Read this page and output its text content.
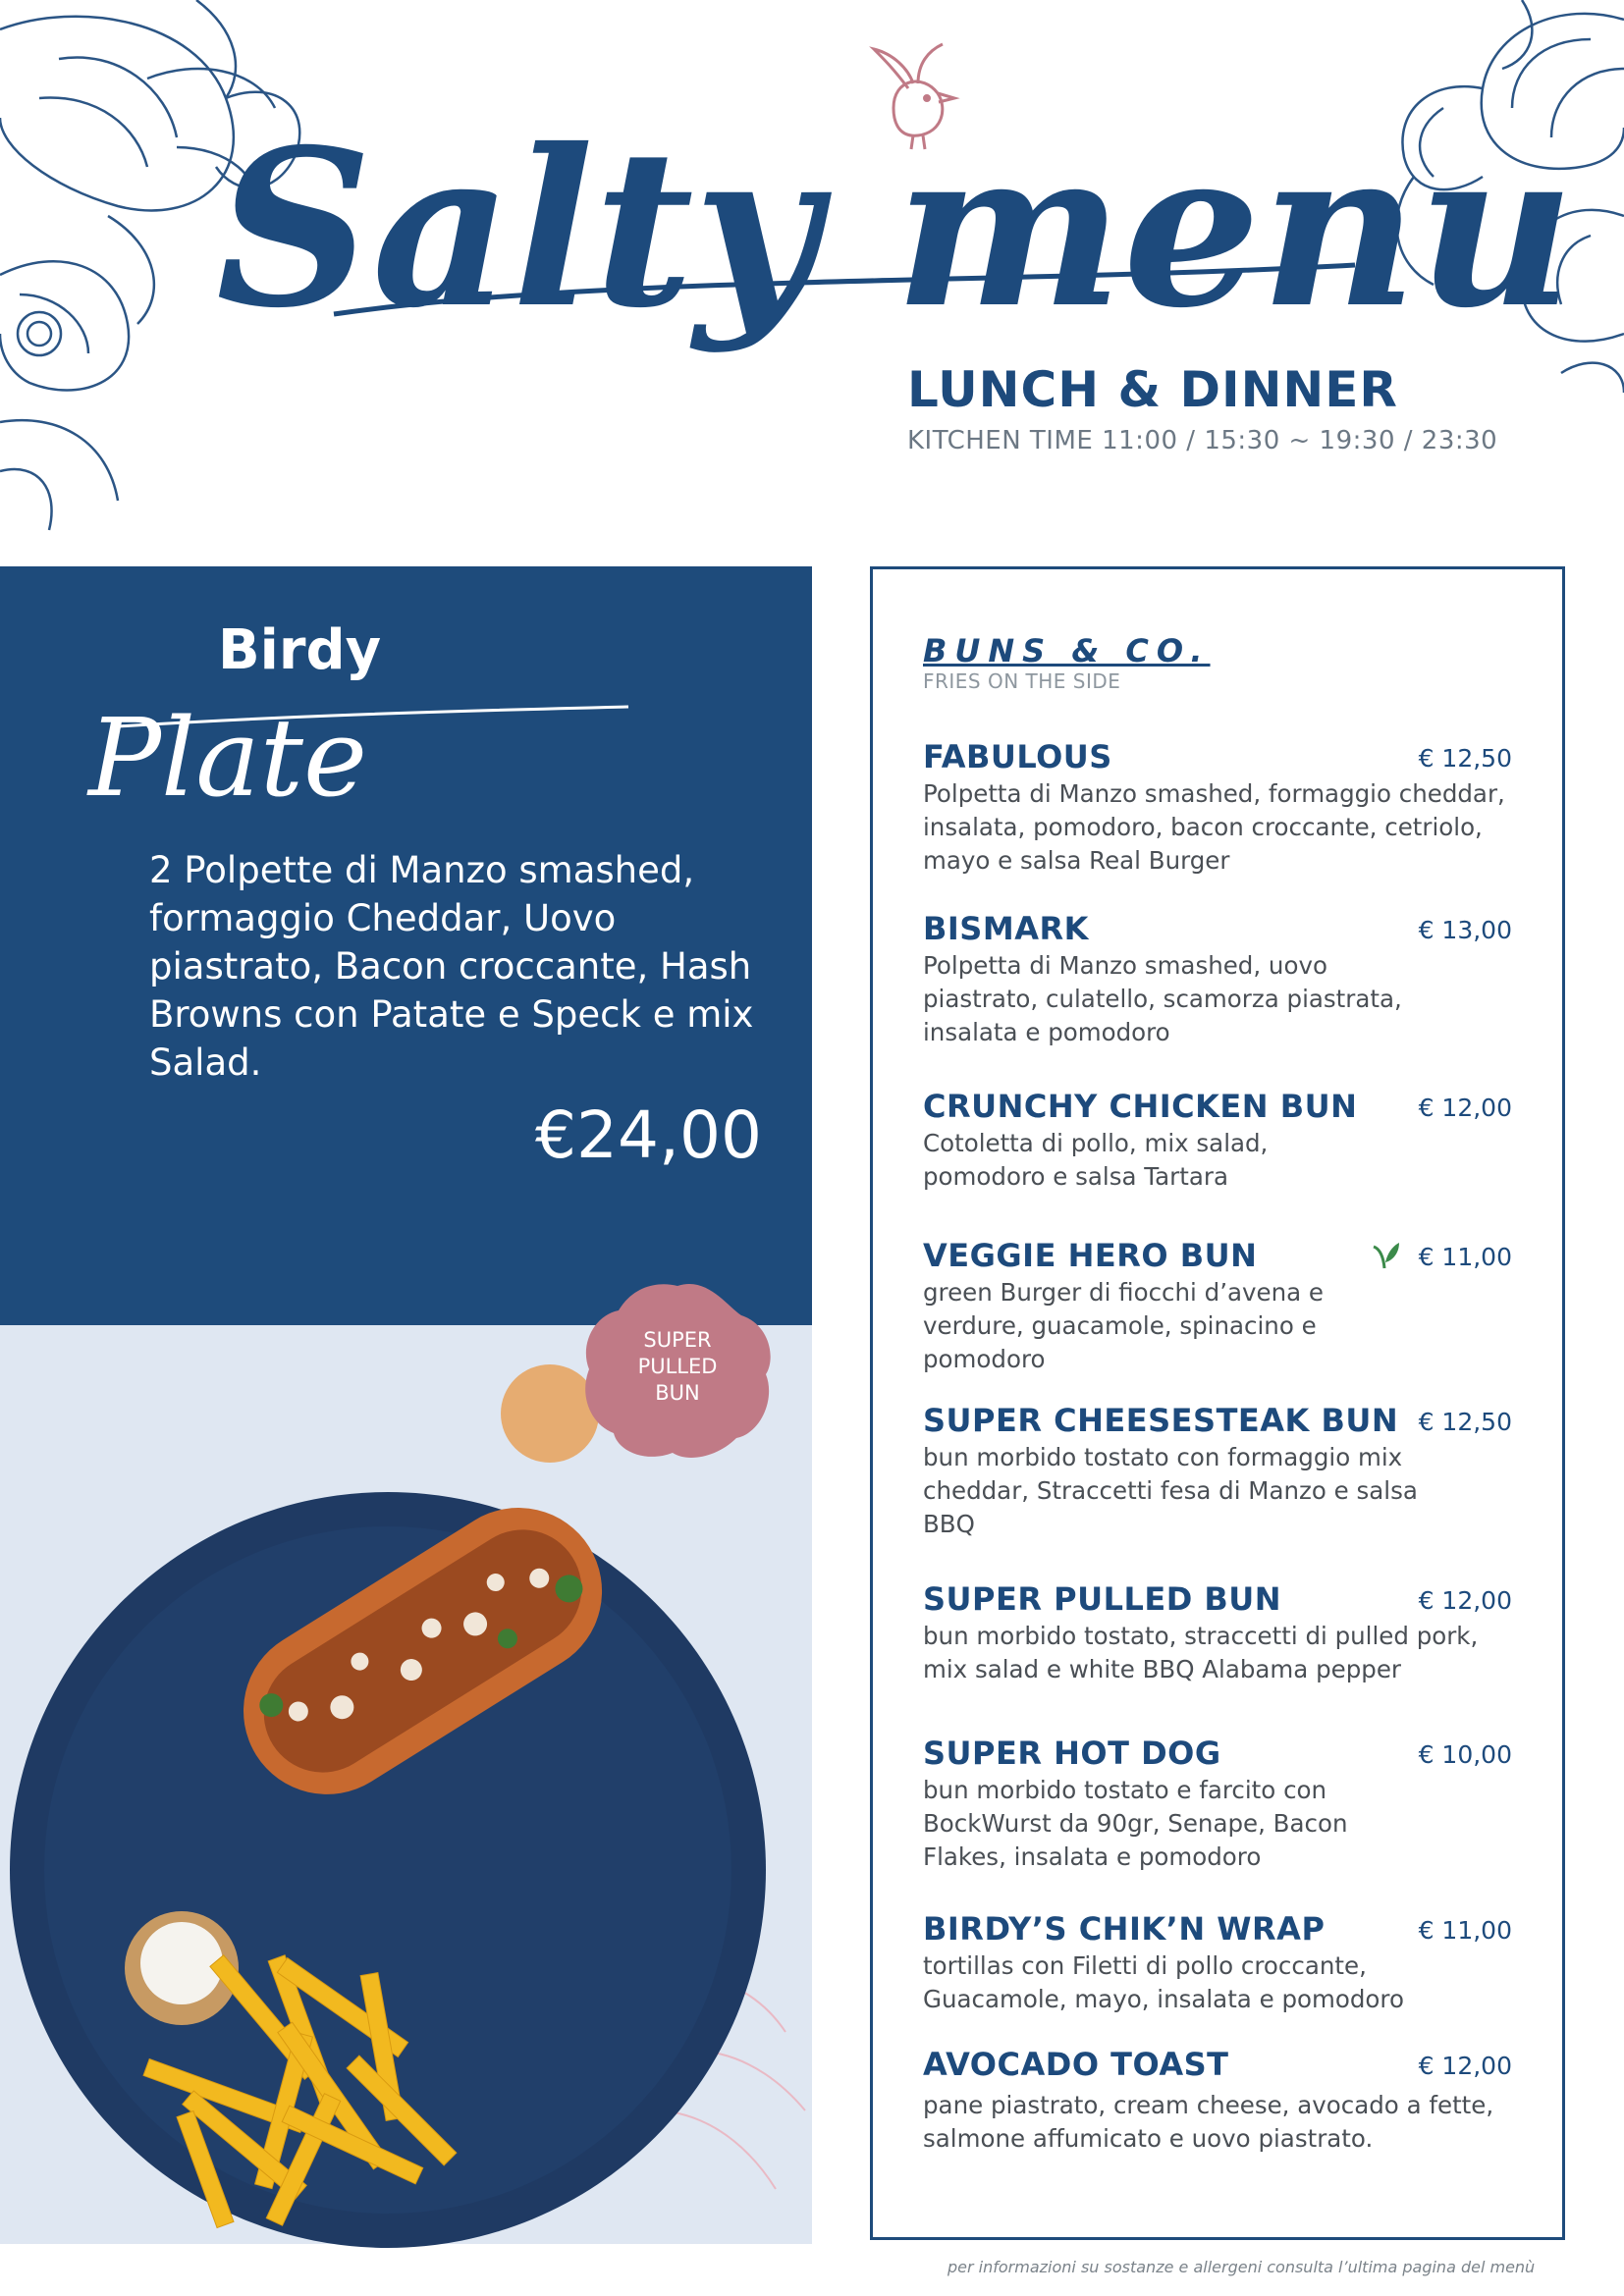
Salty menu
LUNCH & DINNER
KITCHEN TIME 11:00 / 15:30 ~ 19:30 / 23:30
Birdy
Plate
2 Polpette di Manzo smashed, formaggio Cheddar, Uovo piastrato, Bacon croccante, Hash Browns con Patate e Speck e mix Salad.
€24,00
SUPER
PULLED
BUN
BUNS & CO.
FRIES ON THE SIDE
FABULOUS	€ 12,50
Polpetta di Manzo smashed, formaggio cheddar, insalata, pomodoro, bacon croccante, cetriolo, mayo e salsa Real Burger
BISMARK	€ 13,00
Polpetta di Manzo smashed, uovo piastrato, culatello, scamorza piastrata, insalata e pomodoro
CRUNCHY CHICKEN BUN € 12,00
Cotoletta di pollo, mix salad, pomodoro e salsa Tartara
VEGGIE HERO BUN	€ 11,00
green Burger di fiocchi d’avena e verdure, guacamole, spinacino e pomodoro
SUPER CHEESESTEAK BUN € 12,50
bun morbido tostato con formaggio mix cheddar, Straccetti fesa di Manzo e salsa BBQ
SUPER PULLED BUN	€ 12,00
bun morbido tostato, straccetti di pulled pork, mix salad e white BBQ Alabama pepper
SUPER HOT DOG	€ 10,00
bun morbido tostato e farcito con BockWurst da 90gr, Senape, Bacon Flakes, insalata e pomodoro
BIRDY’S CHIK’N WRAP	€ 11,00
tortillas con Filetti di pollo croccante, Guacamole, mayo, insalata e pomodoro
AVOCADO TOAST	€ 12,00
pane piastrato, cream cheese, avocado a fette, salmone affumicato e uovo piastrato.
per informazioni su sostanze e allergeni consulta l’ultima pagina del menù
